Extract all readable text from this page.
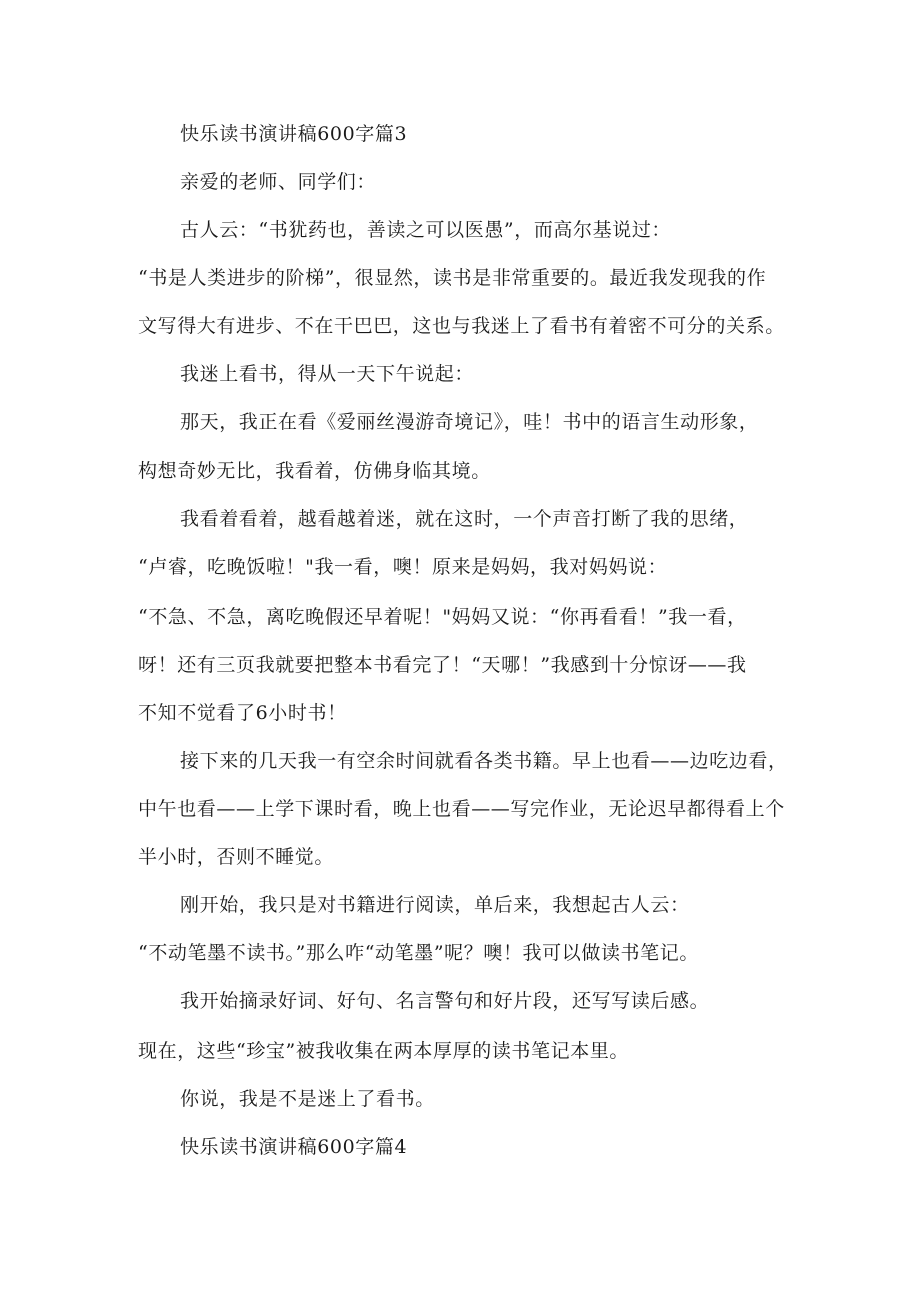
快乐读书演讲稿600字篇3
亲爱的老师、同学们：
古人云：“书犹药也，善读之可以医愚”，而高尔基说过：
“书是人类进步的阶梯”，很显然，读书是非常重要的。最近我发现我的作
文写得大有进步、不在干巴巴，这也与我迷上了看书有着密不可分的关系。
我迷上看书，得从一天下午说起：
那天，我正在看《爱丽丝漫游奇境记》，哇！书中的语言生动形象，
构想奇妙无比，我看着，仿佛身临其境。
我看着看着，越看越着迷，就在这时，一个声音打断了我的思绪，
“卢睿，吃晚饭啦！"我一看，噢！原来是妈妈，我对妈妈说：
“不急、不急，离吃晚假还早着呢！"妈妈又说：“你再看看！”我一看，
呀！还有三页我就要把整本书看完了！“天哪！”我感到十分惊讶——我
不知不觉看了6小时书！
接下来的几天我一有空余时间就看各类书籍。早上也看——边吃边看，
中午也看——上学下课时看，晚上也看——写完作业，无论迟早都得看上个
半小时，否则不睡觉。
刚开始，我只是对书籍进行阅读，单后来，我想起古人云：
“不动笔墨不读书。”那么咋“动笔墨”呢？噢！我可以做读书笔记。
我开始摘录好词、好句、名言警句和好片段，还写写读后感。
现在，这些“珍宝”被我收集在两本厚厚的读书笔记本里。
你说，我是不是迷上了看书。
快乐读书演讲稿600字篇4
